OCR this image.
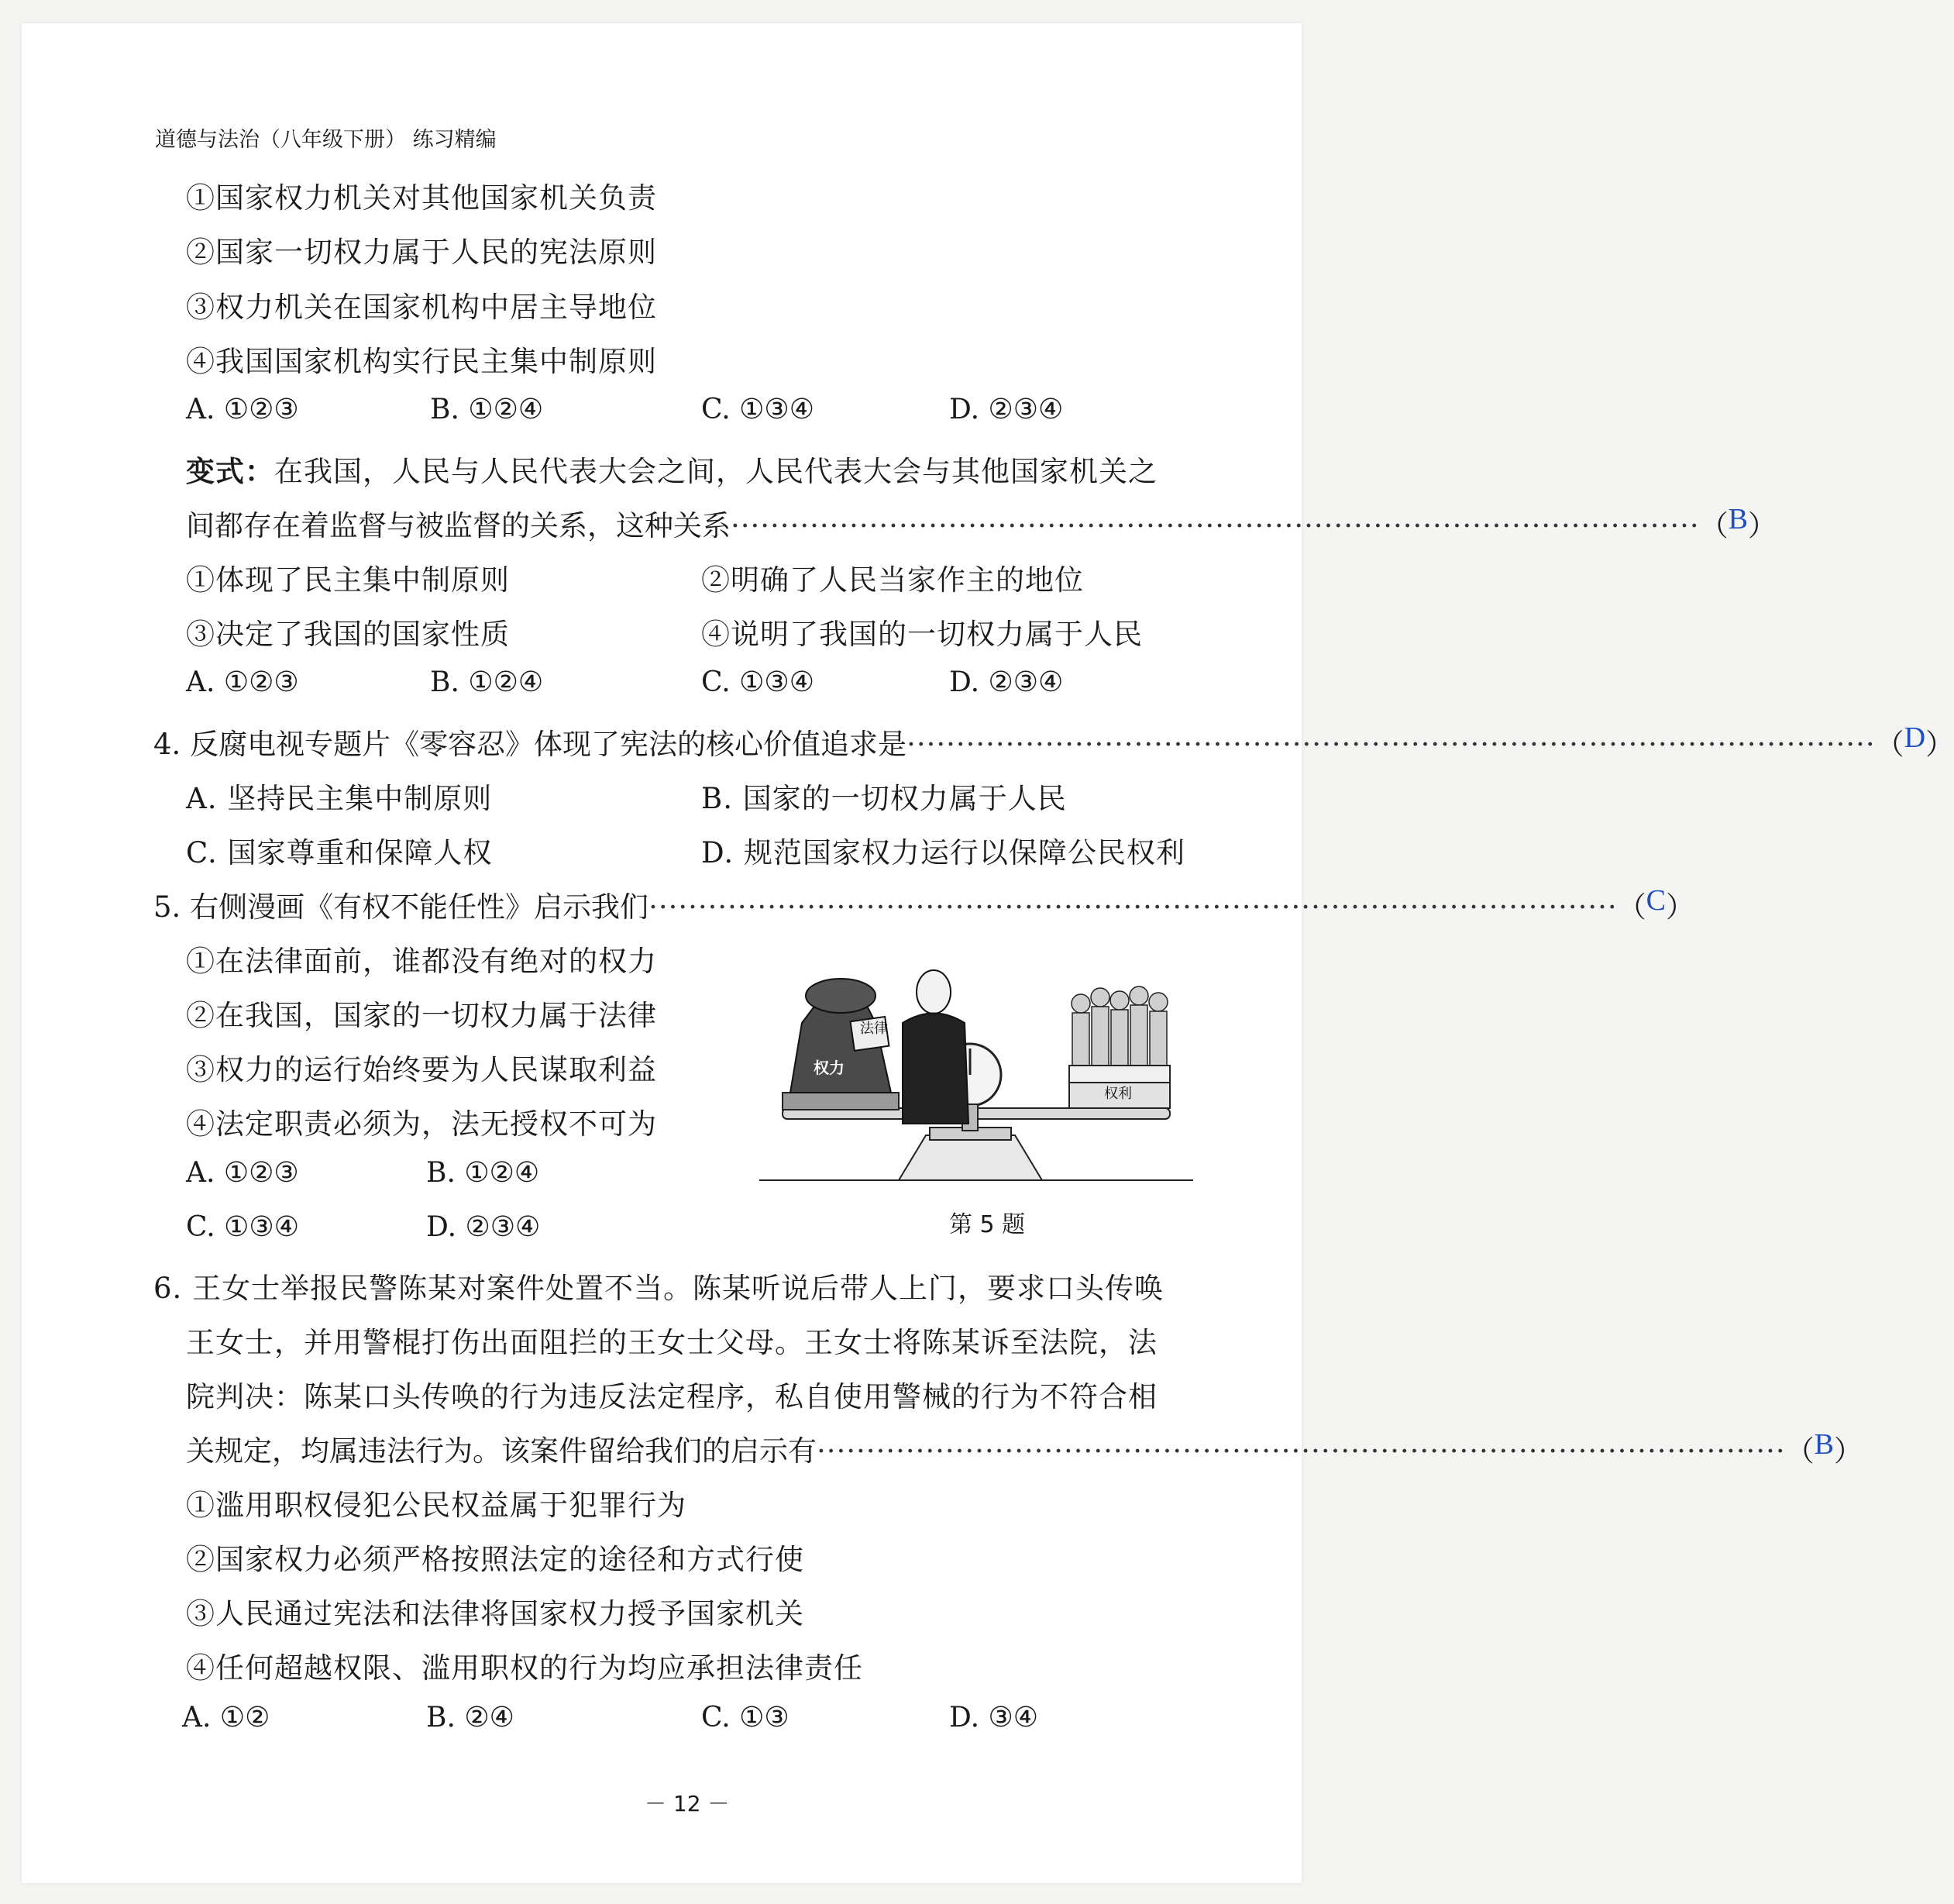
道德与法治（八年级下册） 练习精编
①国家权力机关对其他国家机关负责
②国家一切权力属于人民的宪法原则
③权力机关在国家机构中居主导地位
④我国国家机构实行民主集中制原则
A. ①②③	B. ①②④	C. ①③④	D. ②③④
变式：在我国，人民与人民代表大会之间，人民代表大会与其他国家机关之
间都存在着监督与被监督的关系，这种关系 ·································································································· （ B ）
①体现了民主集中制原则	②明确了人民当家作主的地位
③决定了我国的国家性质	④说明了我国的一切权力属于人民
A. ①②③	B. ①②④	C. ①③④	D. ②③④
4. 反腐电视专题片《零容忍》体现了宪法的核心价值追求是 ·································································································· （ D ）
A. 坚持民主集中制原则	B. 国家的一切权力属于人民
C. 国家尊重和保障人权	D. 规范国家权力运行以保障公民权利
5. 右侧漫画《有权不能任性》启示我们 ·································································································· （ C ）
①在法律面前，谁都没有绝对的权力
②在我国，国家的一切权力属于法律
③权力的运行始终要为人民谋取利益
④法定职责必须为，法无授权不可为
A. ①②③	B. ①②④
C. ①③④	D. ②③④
法律
权力
权利
第 5 题
6. 王女士举报民警陈某对案件处置不当。陈某听说后带人上门，要求口头传唤
王女士，并用警棍打伤出面阻拦的王女士父母。王女士将陈某诉至法院，法
院判决：陈某口头传唤的行为违反法定程序，私自使用警械的行为不符合相
关规定，均属违法行为。该案件留给我们的启示有 ·································································································· （ B ）
①滥用职权侵犯公民权益属于犯罪行为
②国家权力必须严格按照法定的途径和方式行使
③人民通过宪法和法律将国家权力授予国家机关
④任何超越权限、滥用职权的行为均应承担法律责任
A. ①②	B. ②④	C. ①③	D. ③④
－ 12 －
